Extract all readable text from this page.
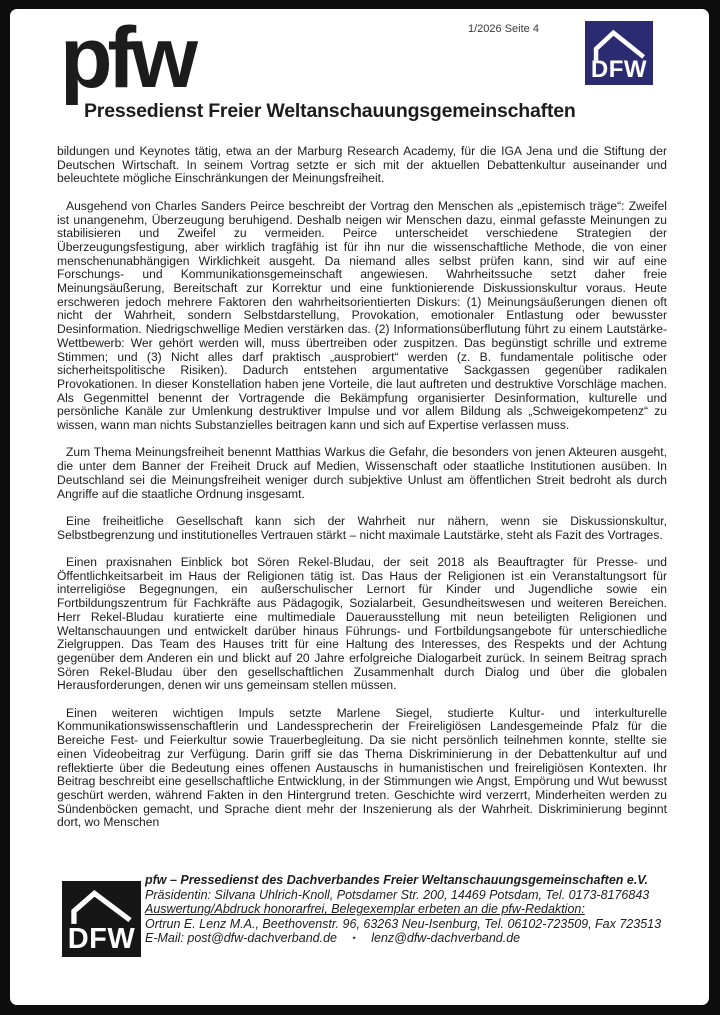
pfw	1/2026 Seite 4
DFW
Pressedienst Freier Weltanschauungsgemeinschaften

bildungen und Keynotes tätig, etwa an der Marburg Research Academy, für die IGA Jena und die Stiftung der Deutschen Wirtschaft. In seinem Vortrag setzte er sich mit der aktuellen Debattenkultur auseinander und beleuchtete mögliche Einschränkungen der Meinungsfreiheit.

Ausgehend von Charles Sanders Peirce beschreibt der Vortrag den Menschen als „epistemisch träge“: Zweifel ist unangenehm, Überzeugung beruhigend. Deshalb neigen wir Menschen dazu, einmal gefasste Meinungen zu stabilisieren und Zweifel zu vermeiden. Peirce unterscheidet verschiedene Strategien der Überzeugungsfestigung, aber wirklich tragfähig ist für ihn nur die wissenschaftliche Methode, die von einer menschenunabhängigen Wirklichkeit ausgeht. Da niemand alles selbst prüfen kann, sind wir auf eine Forschungs- und Kommunikationsgemeinschaft angewiesen. Wahrheitssuche setzt daher freie Meinungsäußerung, Bereitschaft zur Korrektur und eine funktionierende Diskussionskultur voraus. Heute erschweren jedoch mehrere Faktoren den wahrheitsorientierten Diskurs: (1) Meinungsäußerungen dienen oft nicht der Wahrheit, sondern Selbstdarstellung, Provokation, emotionaler Entlastung oder bewusster Desinformation. Niedrigschwellige Medien verstärken das. (2) Informationsüberflutung führt zu einem Lautstärke-Wettbewerb: Wer gehört werden will, muss übertreiben oder zuspitzen. Das begünstigt schrille und extreme Stimmen; und (3) Nicht alles darf praktisch „ausprobiert“ werden (z. B. fundamentale politische oder sicherheitspolitische Risiken). Dadurch entstehen argumentative Sackgassen gegenüber radikalen Provokationen. In dieser Konstellation haben jene Vorteile, die laut auftreten und destruktive Vorschläge machen. Als Gegenmittel benennt der Vortragende die Bekämpfung organisierter Desinformation, kulturelle und persönliche Kanäle zur Umlenkung destruktiver Impulse und vor allem Bildung als „Schweigekompetenz“ zu wissen, wann man nichts Substanzielles beitragen kann und sich auf Expertise verlassen muss.

Zum Thema Meinungsfreiheit benennt Matthias Warkus die Gefahr, die besonders von jenen Akteuren ausgeht, die unter dem Banner der Freiheit Druck auf Medien, Wissenschaft oder staatliche Institutionen ausüben. In Deutschland sei die Meinungsfreiheit weniger durch subjektive Unlust am öffentlichen Streit bedroht als durch Angriffe auf die staatliche Ordnung insgesamt.

Eine freiheitliche Gesellschaft kann sich der Wahrheit nur nähern, wenn sie Diskussionskultur, Selbstbegrenzung und institutionelles Vertrauen stärkt – nicht maximale Lautstärke, steht als Fazit des Vortrages.

Einen praxisnahen Einblick bot Sören Rekel-Bludau, der seit 2018 als Beauftragter für Presse- und Öffentlichkeitsarbeit im Haus der Religionen tätig ist. Das Haus der Religionen ist ein Veranstaltungsort für interreligiöse Begegnungen, ein außerschulischer Lernort für Kinder und Jugendliche sowie ein Fortbildungszentrum für Fachkräfte aus Pädagogik, Sozialarbeit, Gesundheitswesen und weiteren Bereichen. Herr Rekel-Bludau kuratierte eine multimediale Dauerausstellung mit neun beteiligten Religionen und Weltanschauungen und entwickelt darüber hinaus Führungs- und Fortbildungsangebote für unterschiedliche Zielgruppen. Das Team des Hauses tritt für eine Haltung des Interesses, des Respekts und der Achtung gegenüber dem Anderen ein und blickt auf 20 Jahre erfolgreiche Dialogarbeit zurück. In seinem Beitrag sprach Sören Rekel-Bludau über den gesellschaftlichen Zusammenhalt durch Dialog und über die globalen Herausforderungen, denen wir uns gemeinsam stellen müssen.

Einen weiteren wichtigen Impuls setzte Marlene Siegel, studierte Kultur- und interkulturelle Kommunikationswissenschaftlerin und Landessprecherin der Freireligiösen Landesgemeinde Pfalz für die Bereiche Fest- und Feierkultur sowie Trauerbegleitung. Da sie nicht persönlich teilnehmen konnte, stellte sie einen Videobeitrag zur Verfügung. Darin griff sie das Thema Diskriminierung in der Debattenkultur auf und reflektierte über die Bedeutung eines offenen Austauschs in humanistischen und freireligiösen Kontexten. Ihr Beitrag beschreibt eine gesellschaftliche Entwicklung, in der Stimmungen wie Angst, Empörung und Wut bewusst geschürt werden, während Fakten in den Hintergrund treten. Geschichte wird verzerrt, Minderheiten werden zu Sündenböcken gemacht, und Sprache dient mehr der Inszenierung als der Wahrheit. Diskriminierung beginnt dort, wo Menschen

DFW
pfw – Pressedienst des Dachverbandes Freier Weltanschauungsgemeinschaften e.V.
Präsidentin: Silvana Uhlrich-Knoll, Potsdamer Str. 200, 14469 Potsdam, Tel. 0173-8176843
Auswertung/Abdruck honorarfrei, Belegexemplar erbeten an die pfw-Redaktion:
Ortrun E. Lenz M.A., Beethovenstr. 96, 63263 Neu-Isenburg, Tel. 06102-723509, Fax 723513
E-Mail: post@dfw-dachverband.de ⋆ lenz@dfw-dachverband.de
